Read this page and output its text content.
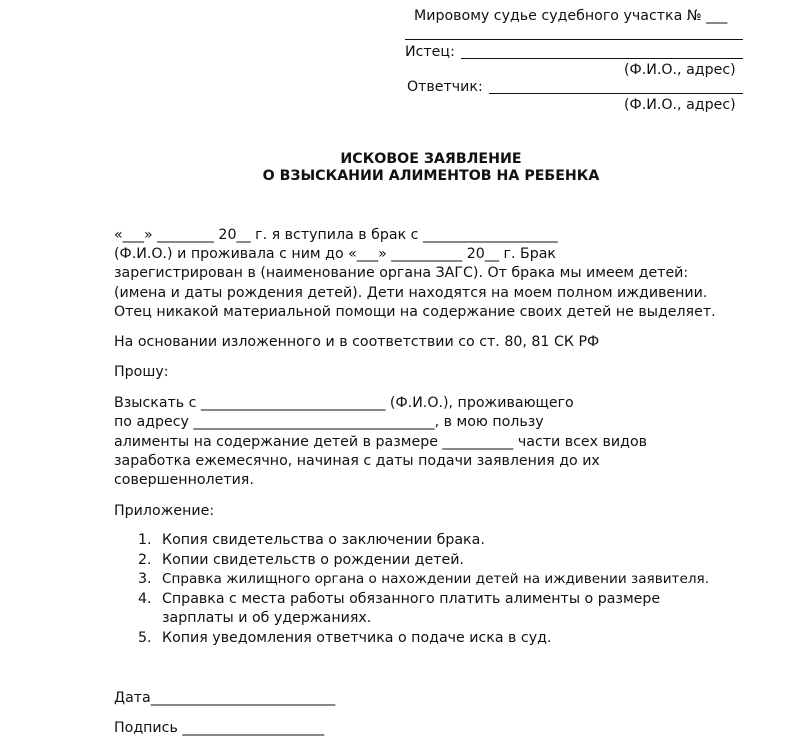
Мировому судье судебного участка № ___
Истец:
(Ф.И.О., адрес)
Ответчик:
(Ф.И.О., адрес)
ИСКОВОЕ ЗАЯВЛЕНИЕ
О ВЗЫСКАНИИ АЛИМЕНТОВ НА РЕБЕНКА
«___» ________ 20__ г. я вступила в брак с ___________________
(Ф.И.О.) и проживала с ним до «___» __________ 20__ г. Брак
зарегистрирован в (наименование органа ЗАГС). От брака мы имеем детей:
(имена и даты рождения детей). Дети находятся на моем полном иждивении.
Отец никакой материальной помощи на содержание своих детей не выделяет.
На основании изложенного и в соответствии со ст. 80, 81 СК РФ
Прошу:
Взыскать с __________________________ (Ф.И.О.), проживающего
по адресу __________________________________, в мою пользу
алименты на содержание детей в размере __________ части всех видов
заработка ежемесячно, начиная с даты подачи заявления до их
совершеннолетия.
Приложение:
1. Копия свидетельства о заключении брака.
2. Копии свидетельств о рождении детей.
3. Справка жилищного органа о нахождении детей на иждивении заявителя.
4. Справка с места работы обязанного платить алименты о размере
зарплаты и об удержаниях.
5. Копия уведомления ответчика о подаче иска в суд.
Дата__________________________
Подпись ____________________
